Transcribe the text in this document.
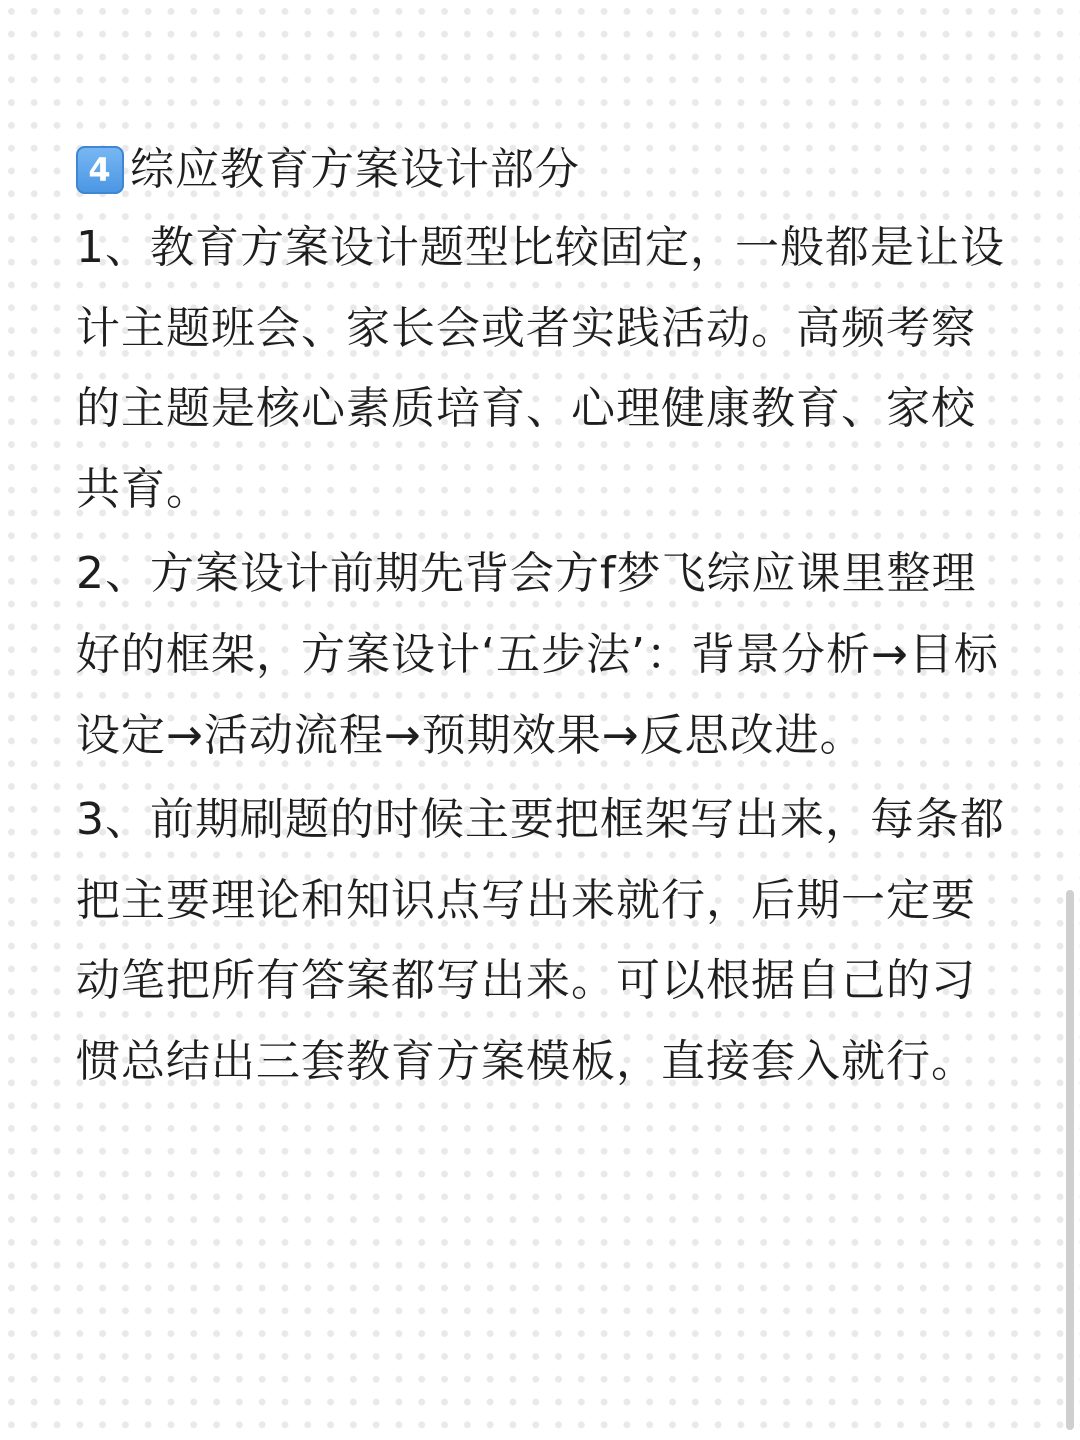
4 综应教育方案设计部分

1、教育方案设计题型比较固定，一般都是让设计主题班会、家长会或者实践活动。高频考察的主题是核心素质培育、心理健康教育、家校共育。

2、方案设计前期先背会方f梦飞综应课里整理好的框架，方案设计‘五步法’：背景分析→目标设定→活动流程→预期效果→反思改进。

3、前期刷题的时候主要把框架写出来，每条都把主要理论和知识点写出来就行，后期一定要动笔把所有答案都写出来。可以根据自己的习惯总结出三套教育方案模板，直接套入就行。
